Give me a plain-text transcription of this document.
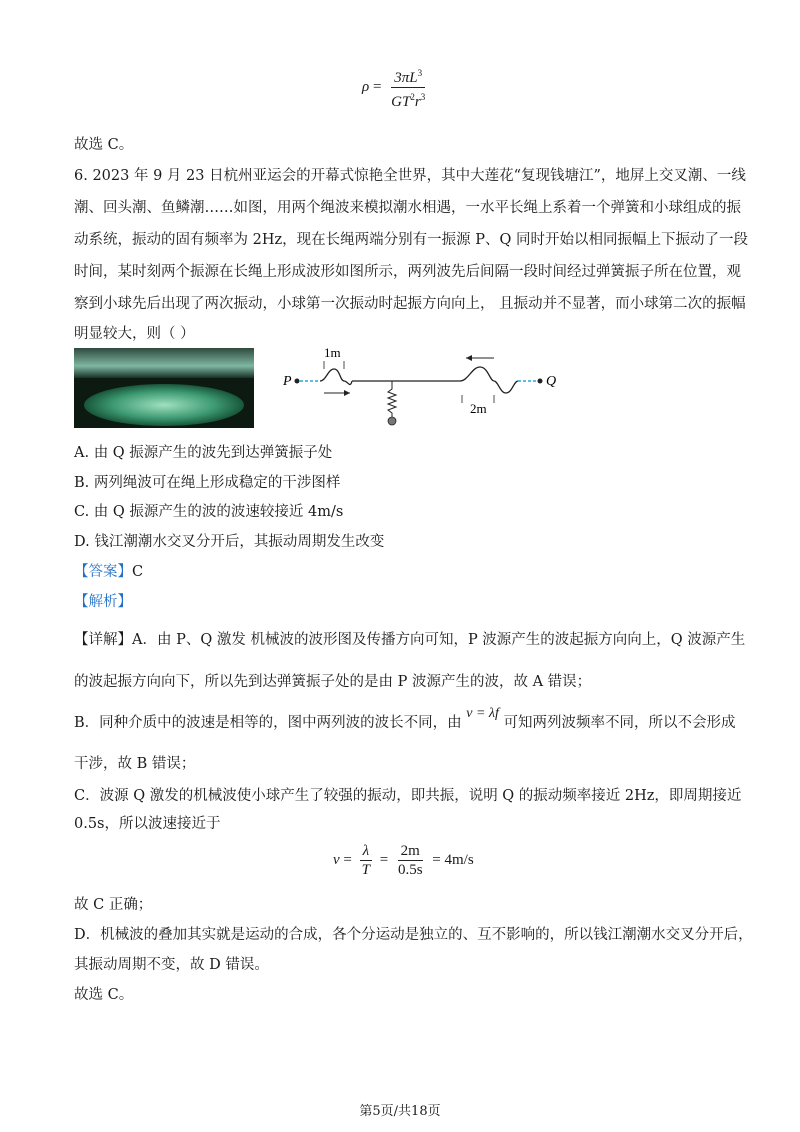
$\rho = \frac{3\pi L^3}{GT^2r^3}$
故选 C。
6. 2023 年 9 月 23 日杭州亚运会的开幕式惊艳全世界，其中大莲花“复现钱塘江”，地屏上交叉潮、一线
潮、回头潮、鱼鳞潮……如图，用两个绳波来模拟潮水相遇，一水平长绳上系着一个弹簧和小球组成的振
动系统，振动的固有频率为 2Hz，现在长绳两端分别有一振源 P、Q 同时开始以相同振幅上下振动了一段
时间，某时刻两个振源在长绳上形成波形如图所示，两列波先后间隔一段时间经过弹簧振子所在位置，观
察到小球先后出现了两次振动，小球第一次振动时起振方向向上， 且振动并不显著，而小球第二次的振幅
明显较大，则（ ）
P	Q
1m
2m
A. 由 Q 振源产生的波先到达弹簧振子处
B. 两列绳波可在绳上形成稳定的干涉图样
C. 由 Q 振源产生的波的波速较接近 4m/s
D. 钱江潮潮水交叉分开后，其振动周期发生改变
【答案】C
【解析】
【详解】A．由 P、Q 激发 机械波的波形图及传播方向可知，P 波源产生的波起振方向向上，Q 波源产生
的波起振方向向下，所以先到达弹簧振子处的是由 P 波源产生的波，故 A 错误；
B．同种介质中的波速是相等的，图中两列波的波长不同，由 v = λf 可知两列波频率不同，所以不会形成
干涉，故 B 错误；
C．波源 Q 激发的机械波使小球产生了较强的振动，即共振，说明 Q 的振动频率接近 2Hz，即周期接近
0.5s，所以波速接近于
$v = \frac{\lambda}{T} = \frac{2m}{0.5s} = 4m/s$
故 C 正确；
D．机械波的叠加其实就是运动的合成，各个分运动是独立的、互不影响的，所以钱江潮潮水交叉分开后，
其振动周期不变，故 D 错误。
故选 C。
第5页/共18页
